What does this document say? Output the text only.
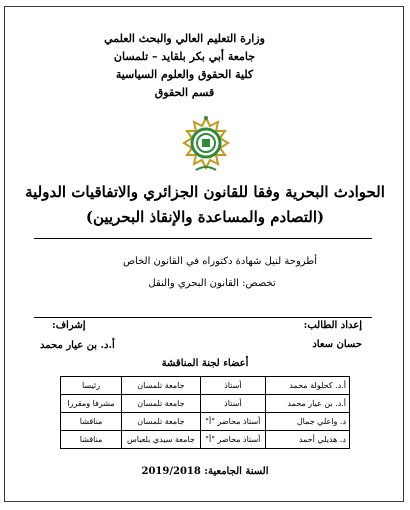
وزارة التعليم العالي والبحث العلمي
جامعة أبي بكر بلقايد – تلمسان
كلية الحقوق والعلوم السياسية
قسم الحقوق
الحوادث البحرية وفقا للقانون الجزائري والاتفاقيات الدولية
(التصادم والمساعدة والإنقاذ البحريين)
أطروحة لنيل شهادة دكتوراه في القانون الخاص
تخصص: القانون البحري والنقل
إعداد الطالب:
إشراف:
حسان سعاد
أ.د. بن عيار محمد
أعضاء لجنة المناقشة
أ.د. كحلولة محمد	أستاذ	جامعة تلمسان	رئيسا
أ.د. بن عيار محمد	أستاذ	جامعة تلمسان	مشرفا ومقررا
د. واعلي جمال	أستاذ محاضر "أ"	جامعة تلمسان	مناقشا
د. هديلي أحمد	أستاذ محاضر "أ"	جامعة سيدي بلعباس	مناقشا
السنة الجامعية: 2019/2018
